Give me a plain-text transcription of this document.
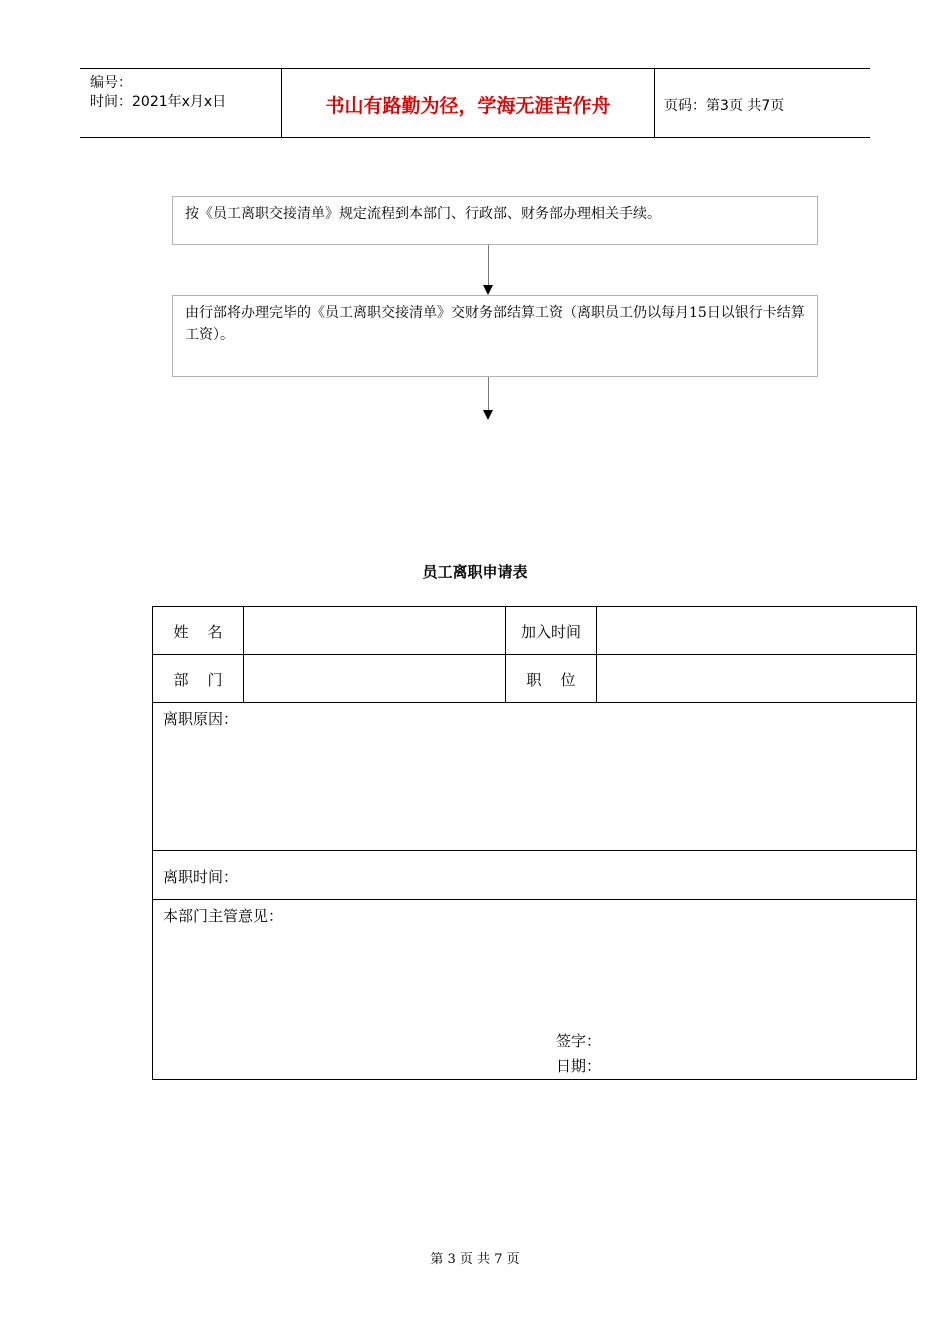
编号：
时间：2021年x月x日	书山有路勤为径，学海无涯苦作舟	页码：第3页 共7页
按《员工离职交接清单》规定流程到本部门、行政部、财务部办理相关手续。
由行部将办理完毕的《员工离职交接清单》交财务部结算工资（离职员工仍以每月15日以银行卡结算工资）。
员工离职申请表
姓    名	加入时间
部    门	职    位
离职原因：
离职时间：
本部门主管意见：
签字：
日期：
第 3 页 共 7 页
